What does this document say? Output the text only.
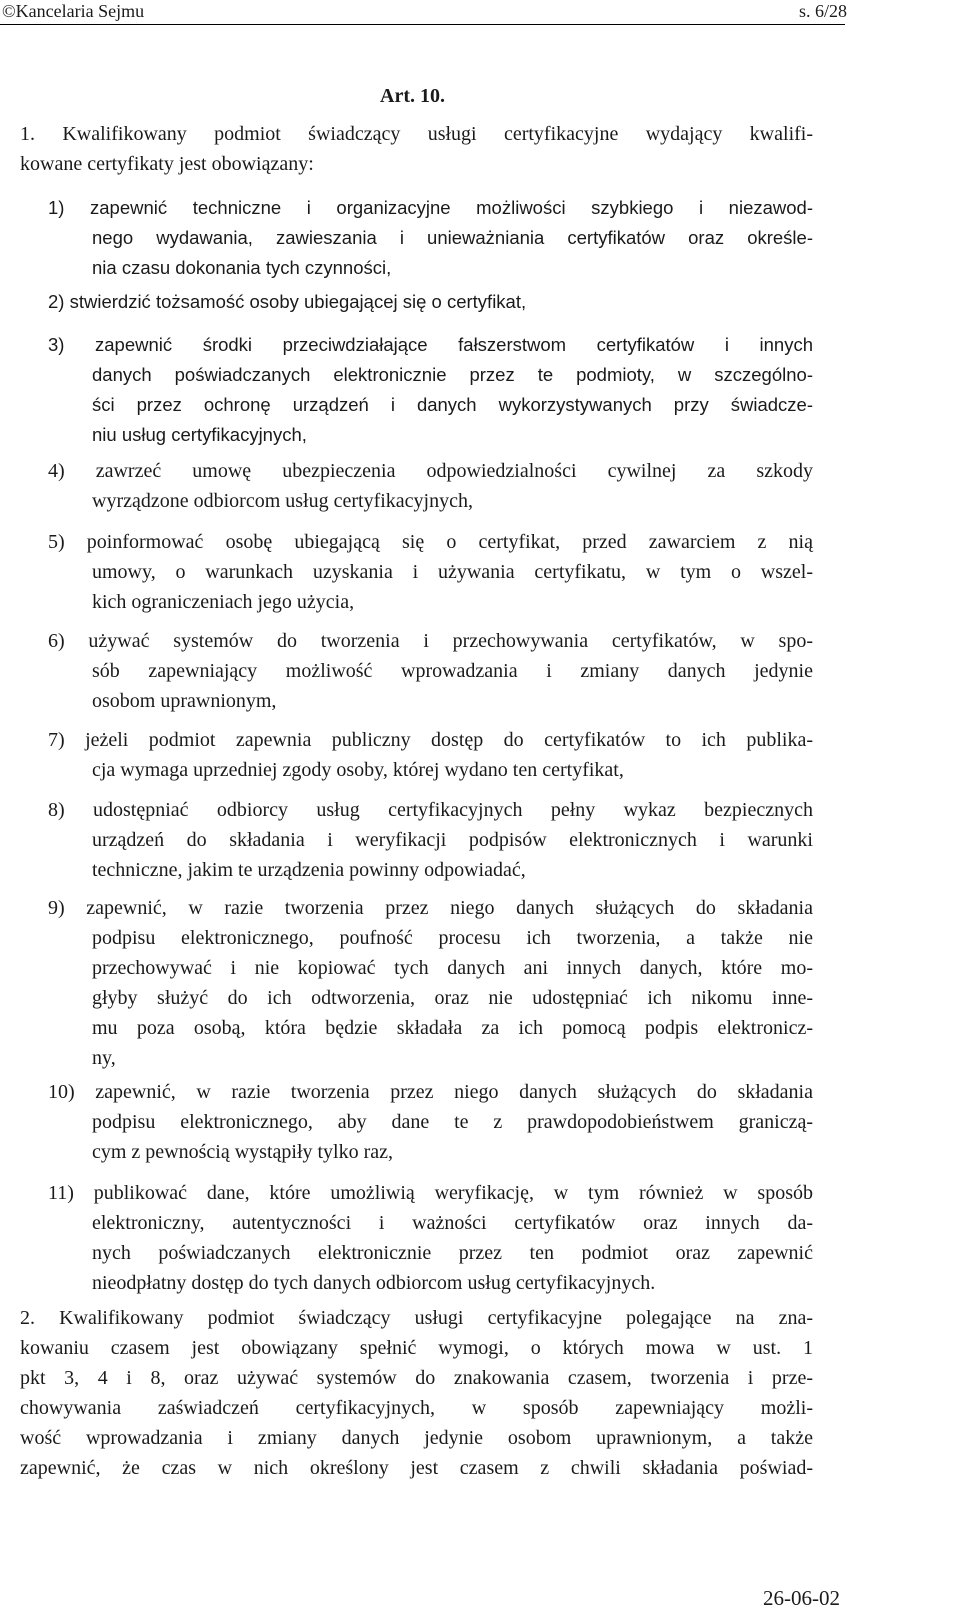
©Kancelaria Sejmu	s. 6/28
Art. 10.
1. Kwalifikowany podmiot świadczący usługi certyfikacyjne wydający kwalifi-
kowane certyfikaty jest obowiązany:
1) zapewnić techniczne i organizacyjne możliwości szybkiego i niezawod-
nego wydawania, zawieszania i unieważniania certyfikatów oraz określe-
nia czasu dokonania tych czynności,
2) stwierdzić tożsamość osoby ubiegającej się o certyfikat,
3) zapewnić środki przeciwdziałające fałszerstwom certyfikatów i innych
danych poświadczanych elektronicznie przez te podmioty, w szczególno-
ści przez ochronę urządzeń i danych wykorzystywanych przy świadcze-
niu usług certyfikacyjnych,
4) zawrzeć umowę ubezpieczenia odpowiedzialności cywilnej za szkody
wyrządzone odbiorcom usług certyfikacyjnych,
5) poinformować osobę ubiegającą się o certyfikat, przed zawarciem z nią
umowy, o warunkach uzyskania i używania certyfikatu, w tym o wszel-
kich ograniczeniach jego użycia,
6) używać systemów do tworzenia i przechowywania certyfikatów, w spo-
sób zapewniający możliwość wprowadzania i zmiany danych jedynie
osobom uprawnionym,
7) jeżeli podmiot zapewnia publiczny dostęp do certyfikatów to ich publika-
cja wymaga uprzedniej zgody osoby, której wydano ten certyfikat,
8) udostępniać odbiorcy usług certyfikacyjnych pełny wykaz bezpiecznych
urządzeń do składania i weryfikacji podpisów elektronicznych i warunki
techniczne, jakim te urządzenia powinny odpowiadać,
9) zapewnić, w razie tworzenia przez niego danych służących do składania
podpisu elektronicznego, poufność procesu ich tworzenia, a także nie
przechowywać i nie kopiować tych danych ani innych danych, które mo-
głyby służyć do ich odtworzenia, oraz nie udostępniać ich nikomu inne-
mu poza osobą, która będzie składała za ich pomocą podpis elektronicz-
ny,
10) zapewnić, w razie tworzenia przez niego danych służących do składania
podpisu elektronicznego, aby dane te z prawdopodobieństwem graniczą-
cym z pewnością wystąpiły tylko raz,
11) publikować dane, które umożliwią weryfikację, w tym również w sposób
elektroniczny, autentyczności i ważności certyfikatów oraz innych da-
nych poświadczanych elektronicznie przez ten podmiot oraz zapewnić
nieodpłatny dostęp do tych danych odbiorcom usług certyfikacyjnych.
2. Kwalifikowany podmiot świadczący usługi certyfikacyjne polegające na zna-
kowaniu czasem jest obowiązany spełnić wymogi, o których mowa w ust. 1
pkt 3, 4 i 8, oraz używać systemów do znakowania czasem, tworzenia i prze-
chowywania zaświadczeń certyfikacyjnych, w sposób zapewniający możli-
wość wprowadzania i zmiany danych jedynie osobom uprawnionym, a także
zapewnić, że czas w nich określony jest czasem z chwili składania poświad-
26-06-02
